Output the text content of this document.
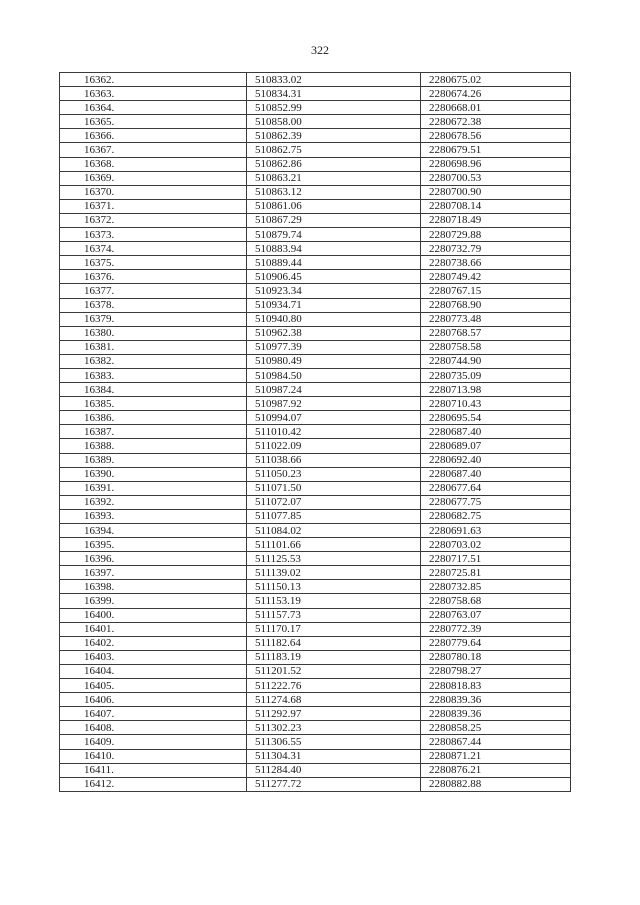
322
16362.	510833.02	2280675.02
16363.	510834.31	2280674.26
16364.	510852.99	2280668.01
16365.	510858.00	2280672.38
16366.	510862.39	2280678.56
16367.	510862.75	2280679.51
16368.	510862.86	2280698.96
16369.	510863.21	2280700.53
16370.	510863.12	2280700.90
16371.	510861.06	2280708.14
16372.	510867.29	2280718.49
16373.	510879.74	2280729.88
16374.	510883.94	2280732.79
16375.	510889.44	2280738.66
16376.	510906.45	2280749.42
16377.	510923.34	2280767.15
16378.	510934.71	2280768.90
16379.	510940.80	2280773.48
16380.	510962.38	2280768.57
16381.	510977.39	2280758.58
16382.	510980.49	2280744.90
16383.	510984.50	2280735.09
16384.	510987.24	2280713.98
16385.	510987.92	2280710.43
16386.	510994.07	2280695.54
16387.	511010.42	2280687.40
16388.	511022.09	2280689.07
16389.	511038.66	2280692.40
16390.	511050.23	2280687.40
16391.	511071.50	2280677.64
16392.	511072.07	2280677.75
16393.	511077.85	2280682.75
16394.	511084.02	2280691.63
16395.	511101.66	2280703.02
16396.	511125.53	2280717.51
16397.	511139.02	2280725.81
16398.	511150.13	2280732.85
16399.	511153.19	2280758.68
16400.	511157.73	2280763.07
16401.	511170.17	2280772.39
16402.	511182.64	2280779.64
16403.	511183.19	2280780.18
16404.	511201.52	2280798.27
16405.	511222.76	2280818.83
16406.	511274.68	2280839.36
16407.	511292.97	2280839.36
16408.	511302.23	2280858.25
16409.	511306.55	2280867.44
16410.	511304.31	2280871.21
16411.	511284.40	2280876.21
16412.	511277.72	2280882.88
